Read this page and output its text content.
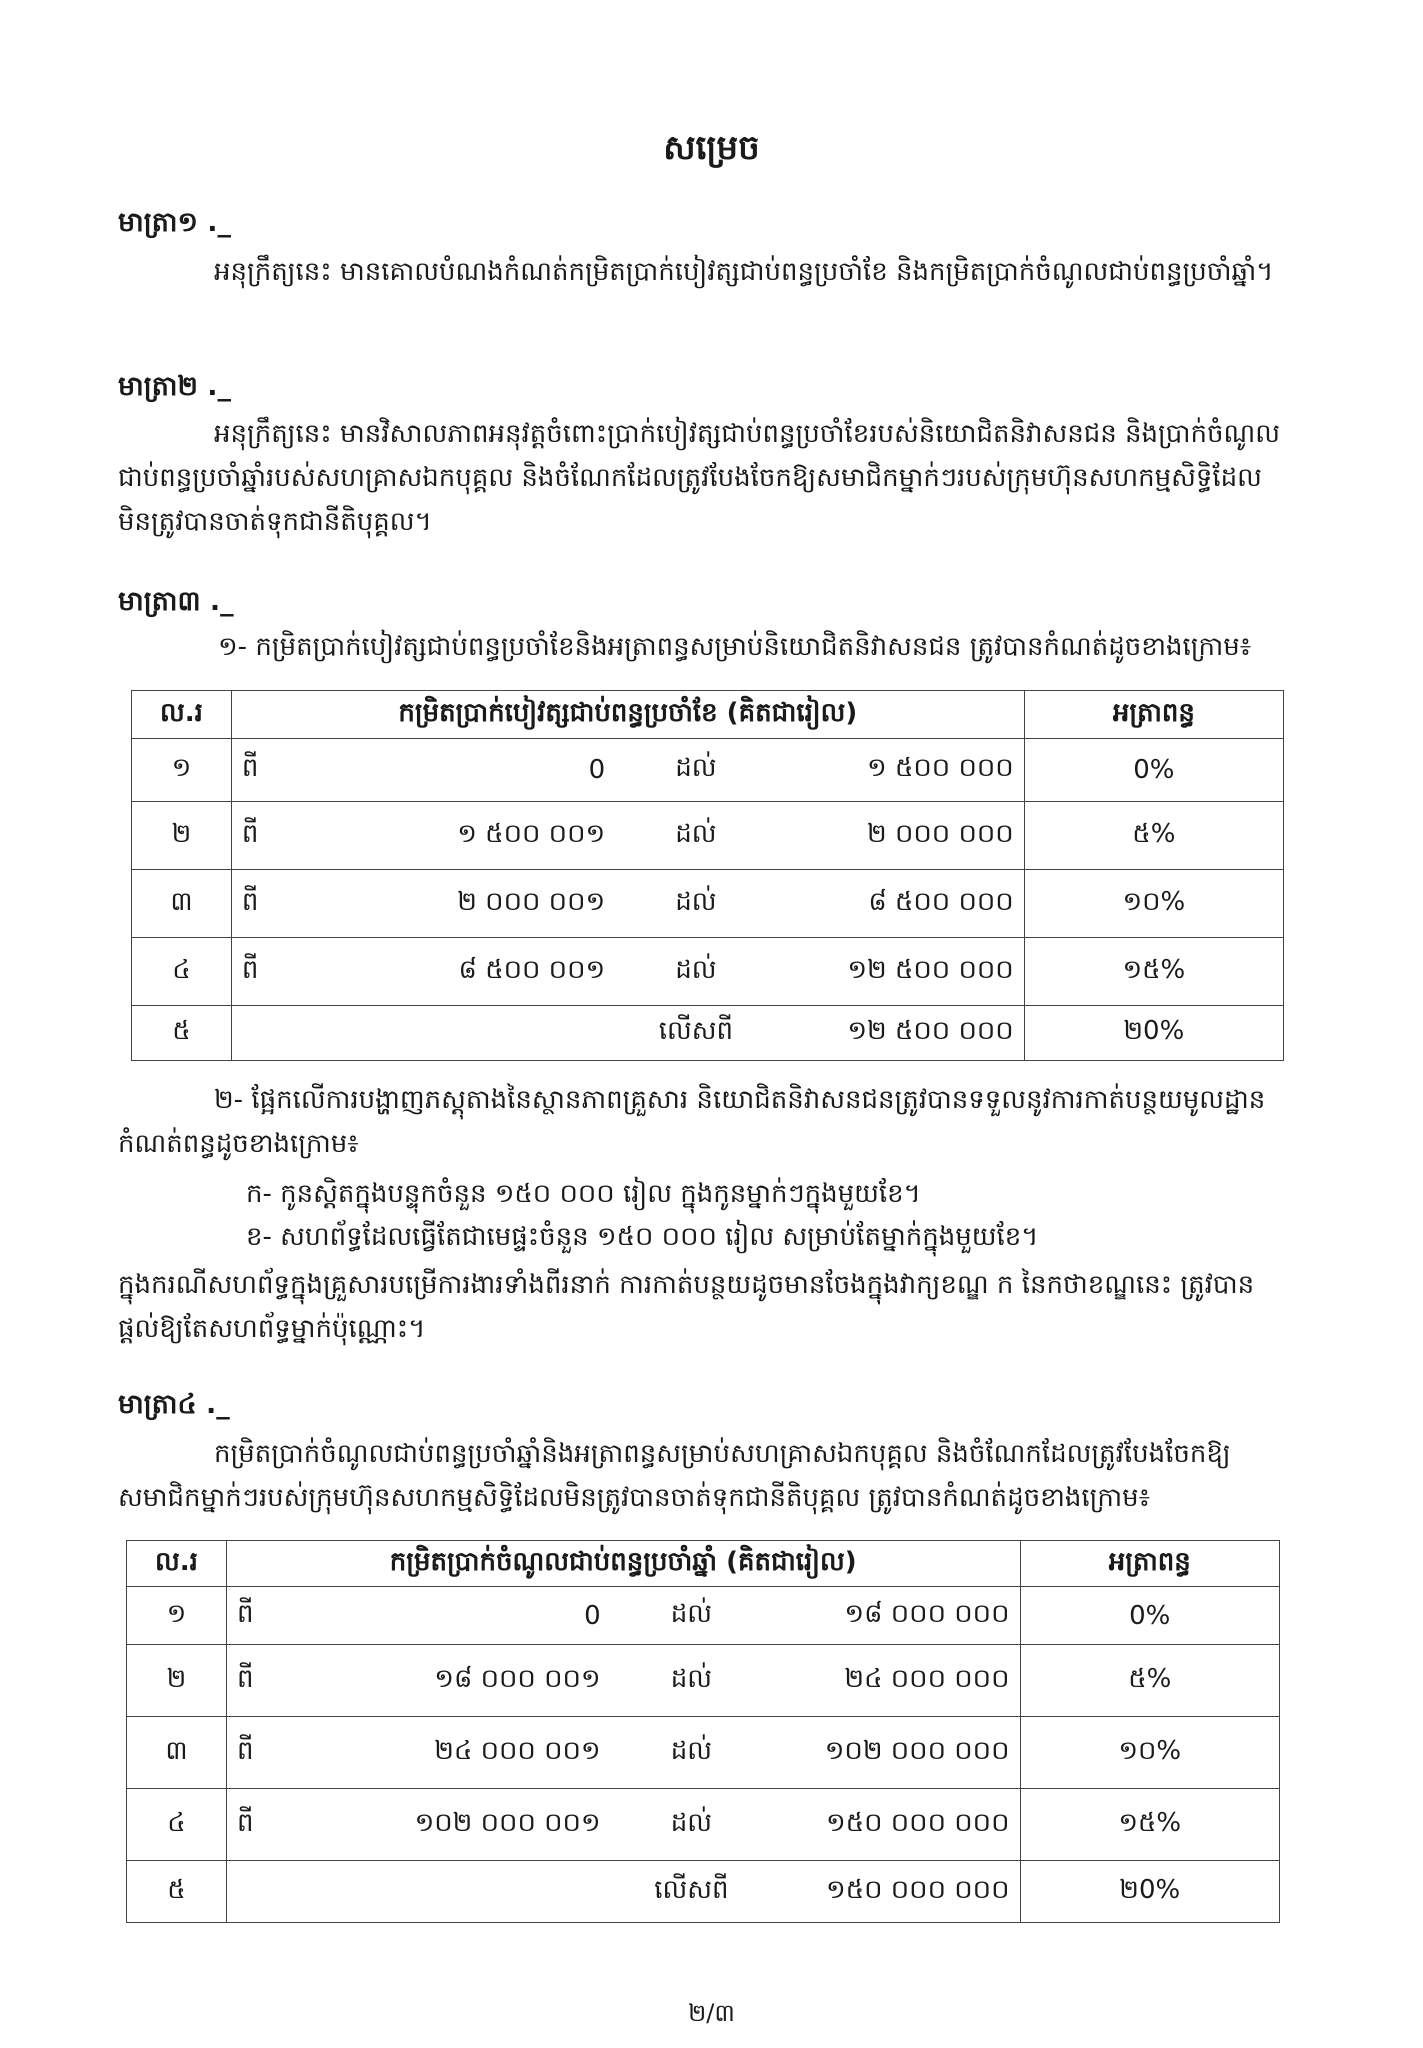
សម្រេច
មាត្រា១ ._
អនុក្រឹត្យនេះ មានគោលបំណងកំណត់កម្រិតប្រាក់បៀវត្សជាប់ពន្ធប្រចាំខែ និងកម្រិតប្រាក់ចំណូលជាប់ពន្ធប្រចាំឆ្នាំ។
មាត្រា២ ._
អនុក្រឹត្យនេះ មានវិសាលភាពអនុវត្តចំពោះប្រាក់បៀវត្សជាប់ពន្ធប្រចាំខែរបស់និយោជិតនិវាសនជន និងប្រាក់ចំណូលជាប់ពន្ធប្រចាំឆ្នាំរបស់សហគ្រាសឯកបុគ្គល និងចំណែកដែលត្រូវបែងចែកឱ្យសមាជិកម្នាក់ៗរបស់ក្រុមហ៊ុនសហកម្មសិទ្ធិដែលមិនត្រូវបានចាត់ទុកជានីតិបុគ្គល។
មាត្រា៣ ._
១- កម្រិតប្រាក់បៀវត្សជាប់ពន្ធប្រចាំខែនិងអត្រាពន្ធសម្រាប់និយោជិតនិវាសនជន ត្រូវបានកំណត់ដូចខាងក្រោម៖
ល.រ	កម្រិតប្រាក់បៀវត្សជាប់ពន្ធប្រចាំខែ (គិតជារៀល)				អត្រាពន្ធ
១	ពី	0	ដល់	១ ៥០០ ០០០	0%
២	ពី	១ ៥០០ ០០១	ដល់	២ ០០០ ០០០	៥%
៣	ពី	២ ០០០ ០០១	ដល់	៨ ៥០០ ០០០	១០%
៤	ពី	៨ ៥០០ ០០១	ដល់	១២ ៥០០ ០០០	១៥%
៥			លើសពី	១២ ៥០០ ០០០	២0%
២- ផ្អែកលើការបង្ហាញភស្តុតាងនៃស្ថានភាពគ្រួសារ និយោជិតនិវាសនជនត្រូវបានទទួលនូវការកាត់បន្ថយមូលដ្ឋានកំណត់ពន្ធដូចខាងក្រោម៖
ក- កូនស្តិតក្នុងបន្ទុកចំនួន ១៥០ ០០០ រៀល ក្នុងកូនម្នាក់ៗក្នុងមួយខែ។
ខ- សហព័ទ្ធដែលធ្វើតែជាមេផ្ទះចំនួន ១៥០ ០០០ រៀល សម្រាប់តែម្នាក់ក្នុងមួយខែ។
ក្នុងករណីសហព័ទ្ធក្នុងគ្រួសារបម្រើការងារទាំងពីរនាក់ ការកាត់បន្ថយដូចមានចែងក្នុងវាក្យខណ្ឌ ក នៃកថាខណ្ឌនេះ ត្រូវបានផ្តល់ឱ្យតែសហព័ទ្ធម្នាក់ប៉ុណ្ណោះ។
មាត្រា៤ ._
កម្រិតប្រាក់ចំណូលជាប់ពន្ធប្រចាំឆ្នាំនិងអត្រាពន្ធសម្រាប់សហគ្រាសឯកបុគ្គល និងចំណែកដែលត្រូវបែងចែកឱ្យសមាជិកម្នាក់ៗរបស់ក្រុមហ៊ុនសហកម្មសិទ្ធិដែលមិនត្រូវបានចាត់ទុកជានីតិបុគ្គល ត្រូវបានកំណត់ដូចខាងក្រោម៖
ល.រ	កម្រិតប្រាក់ចំណូលជាប់ពន្ធប្រចាំឆ្នាំ (គិតជារៀល)				អត្រាពន្ធ
១	ពី	0	ដល់	១៨ ០០០ ០០០	0%
២	ពី	១៨ ០០០ ០០១	ដល់	២៤ ០០០ ០០០	៥%
៣	ពី	២៤ ០០០ ០០១	ដល់	១០២ ០០០ ០០០	១០%
៤	ពី	១០២ ០០០ ០០១	ដល់	១៥០ ០០០ ០០០	១៥%
៥			លើសពី	១៥០ ០០០ ០០០	២0%
២/៣
